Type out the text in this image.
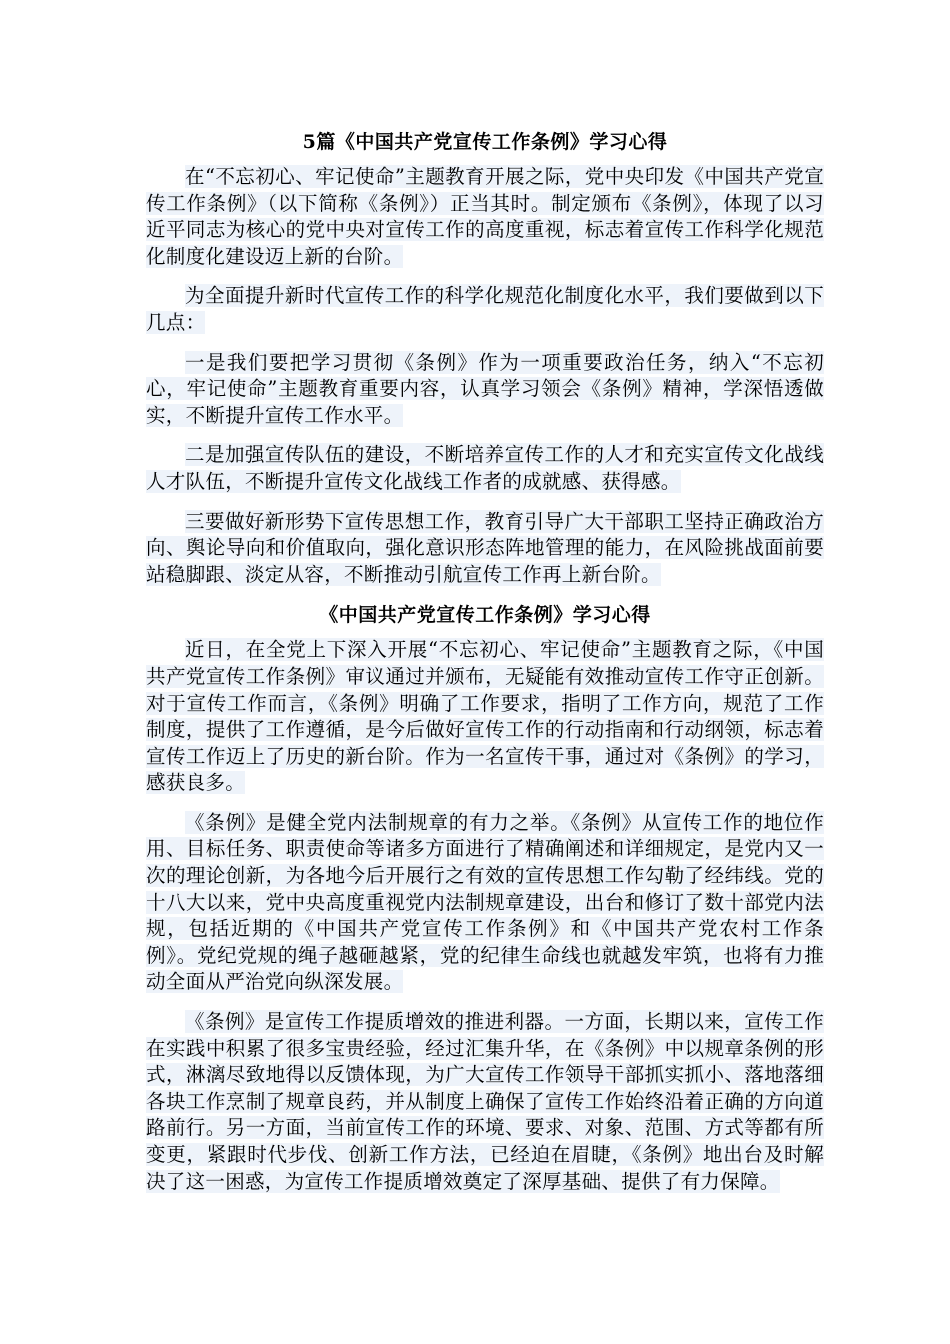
5篇《中国共产党宣传工作条例》学习心得

在“不忘初心、牢记使命”主题教育开展之际，党中央印发《中国共产党宣传工作条例》（以下简称《条例》）正当其时。制定颁布《条例》，体现了以习近平同志为核心的党中央对宣传工作的高度重视，标志着宣传工作科学化规范化制度化建设迈上新的台阶。

为全面提升新时代宣传工作的科学化规范化制度化水平，我们要做到以下几点：

一是我们要把学习贯彻《条例》作为一项重要政治任务，纳入“不忘初心，牢记使命”主题教育重要内容，认真学习领会《条例》精神，学深悟透做实，不断提升宣传工作水平。

二是加强宣传队伍的建设，不断培养宣传工作的人才和充实宣传文化战线人才队伍，不断提升宣传文化战线工作者的成就感、获得感。

三要做好新形势下宣传思想工作，教育引导广大干部职工坚持正确政治方向、舆论导向和价值取向，强化意识形态阵地管理的能力，在风险挑战面前要站稳脚跟、淡定从容，不断推动引航宣传工作再上新台阶。

《中国共产党宣传工作条例》学习心得

近日，在全党上下深入开展“不忘初心、牢记使命”主题教育之际，《中国共产党宣传工作条例》审议通过并颁布，无疑能有效推动宣传工作守正创新。对于宣传工作而言，《条例》明确了工作要求，指明了工作方向，规范了工作制度，提供了工作遵循，是今后做好宣传工作的行动指南和行动纲领，标志着宣传工作迈上了历史的新台阶。作为一名宣传干事，通过对《条例》的学习，感获良多。

《条例》是健全党内法制规章的有力之举。《条例》从宣传工作的地位作用、目标任务、职责使命等诸多方面进行了精确阐述和详细规定，是党内又一次的理论创新，为各地今后开展行之有效的宣传思想工作勾勒了经纬线。党的十八大以来，党中央高度重视党内法制规章建设，出台和修订了数十部党内法规，包括近期的《中国共产党宣传工作条例》和《中国共产党农村工作条例》。党纪党规的绳子越砸越紧，党的纪律生命线也就越发牢筑，也将有力推动全面从严治党向纵深发展。

《条例》是宣传工作提质增效的推进利器。一方面，长期以来，宣传工作在实践中积累了很多宝贵经验，经过汇集升华，在《条例》中以规章条例的形式，淋漓尽致地得以反馈体现，为广大宣传工作领导干部抓实抓小、落地落细各块工作烹制了规章良药，并从制度上确保了宣传工作始终沿着正确的方向道路前行。另一方面，当前宣传工作的环境、要求、对象、范围、方式等都有所变更，紧跟时代步伐、创新工作方法，已经迫在眉睫，《条例》地出台及时解决了这一困惑，为宣传工作提质增效奠定了深厚基础、提供了有力保障。
